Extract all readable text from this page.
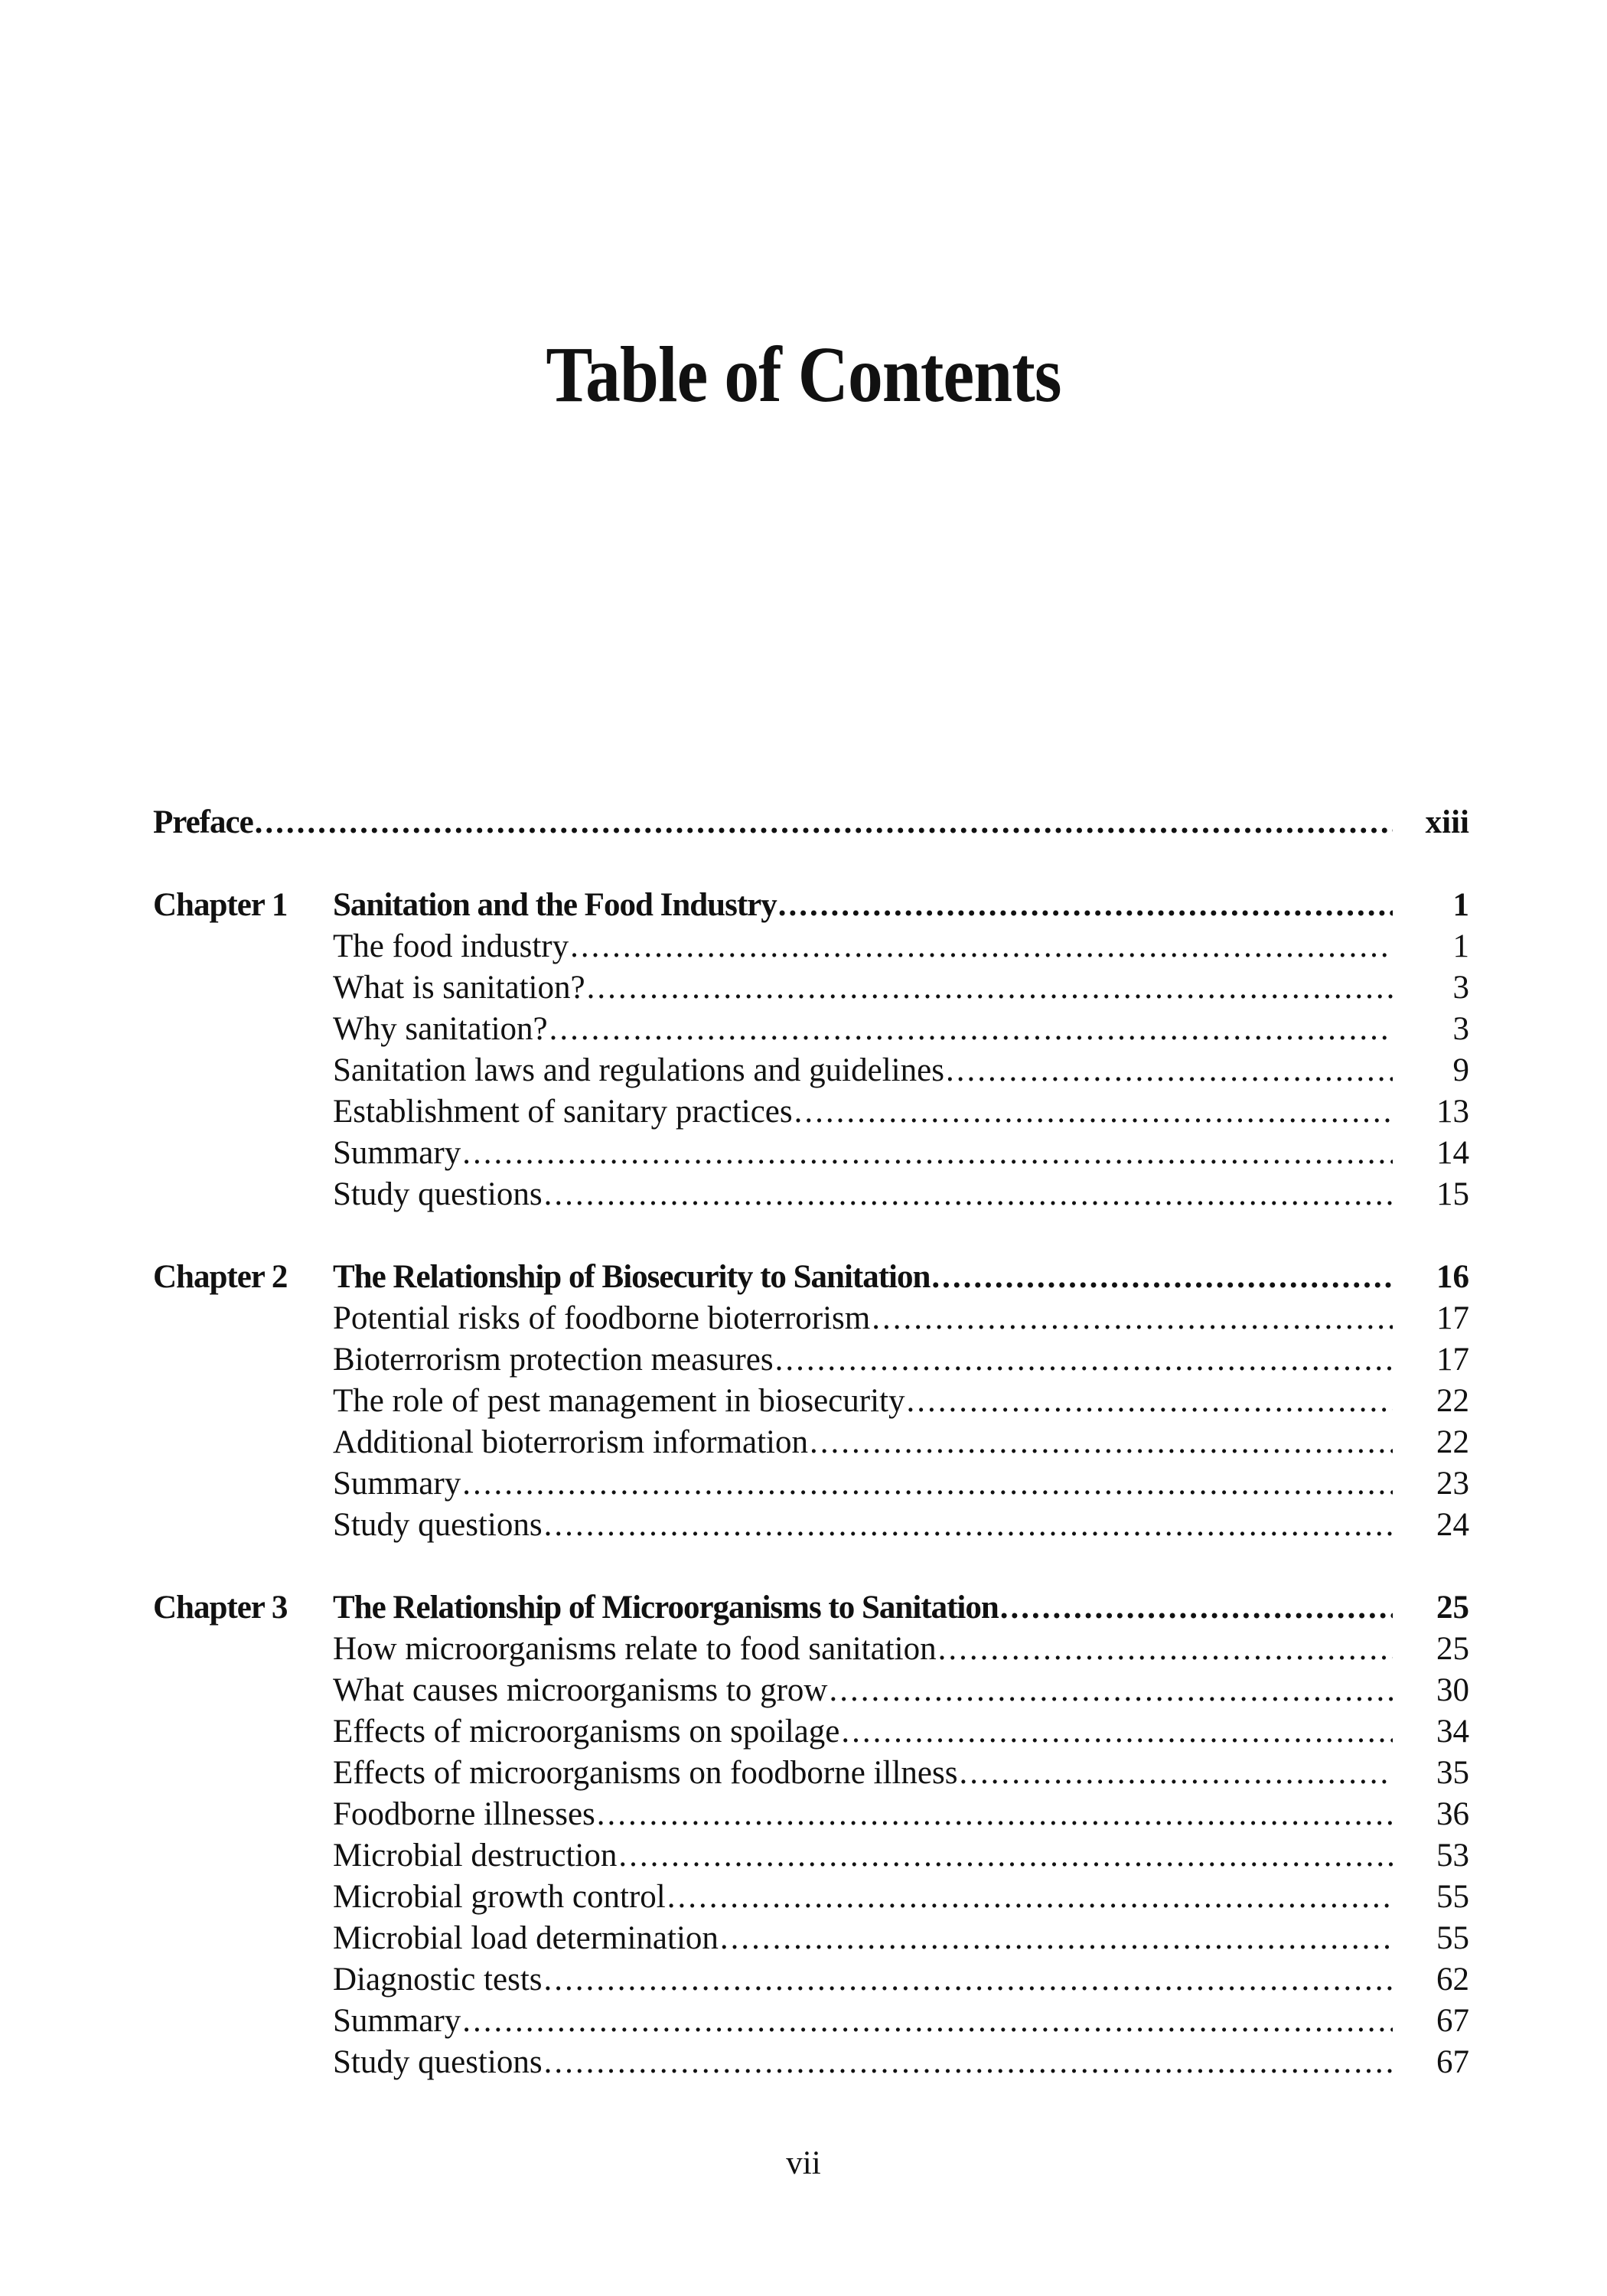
Table of Contents
Preface .....	xiii
Chapter 1 Sanitation and the Food Industry .....	1
The food industry .....	1
What is sanitation? .....	3
Why sanitation? .....	3
Sanitation laws and regulations and guidelines .....	9
Establishment of sanitary practices .....	13
Summary .....	14
Study questions .....	15
Chapter 2 The Relationship of Biosecurity to Sanitation .....	16
Potential risks of foodborne bioterrorism .....	17
Bioterrorism protection measures .....	17
The role of pest management in biosecurity .....	22
Additional bioterrorism information .....	22
Summary .....	23
Study questions .....	24
Chapter 3 The Relationship of Microorganisms to Sanitation .....	25
How microorganisms relate to food sanitation .....	25
What causes microorganisms to grow .....	30
Effects of microorganisms on spoilage .....	34
Effects of microorganisms on foodborne illness .....	35
Foodborne illnesses .....	36
Microbial destruction .....	53
Microbial growth control .....	55
Microbial load determination .....	55
Diagnostic tests .....	62
Summary .....	67
Study questions .....	67
vii
